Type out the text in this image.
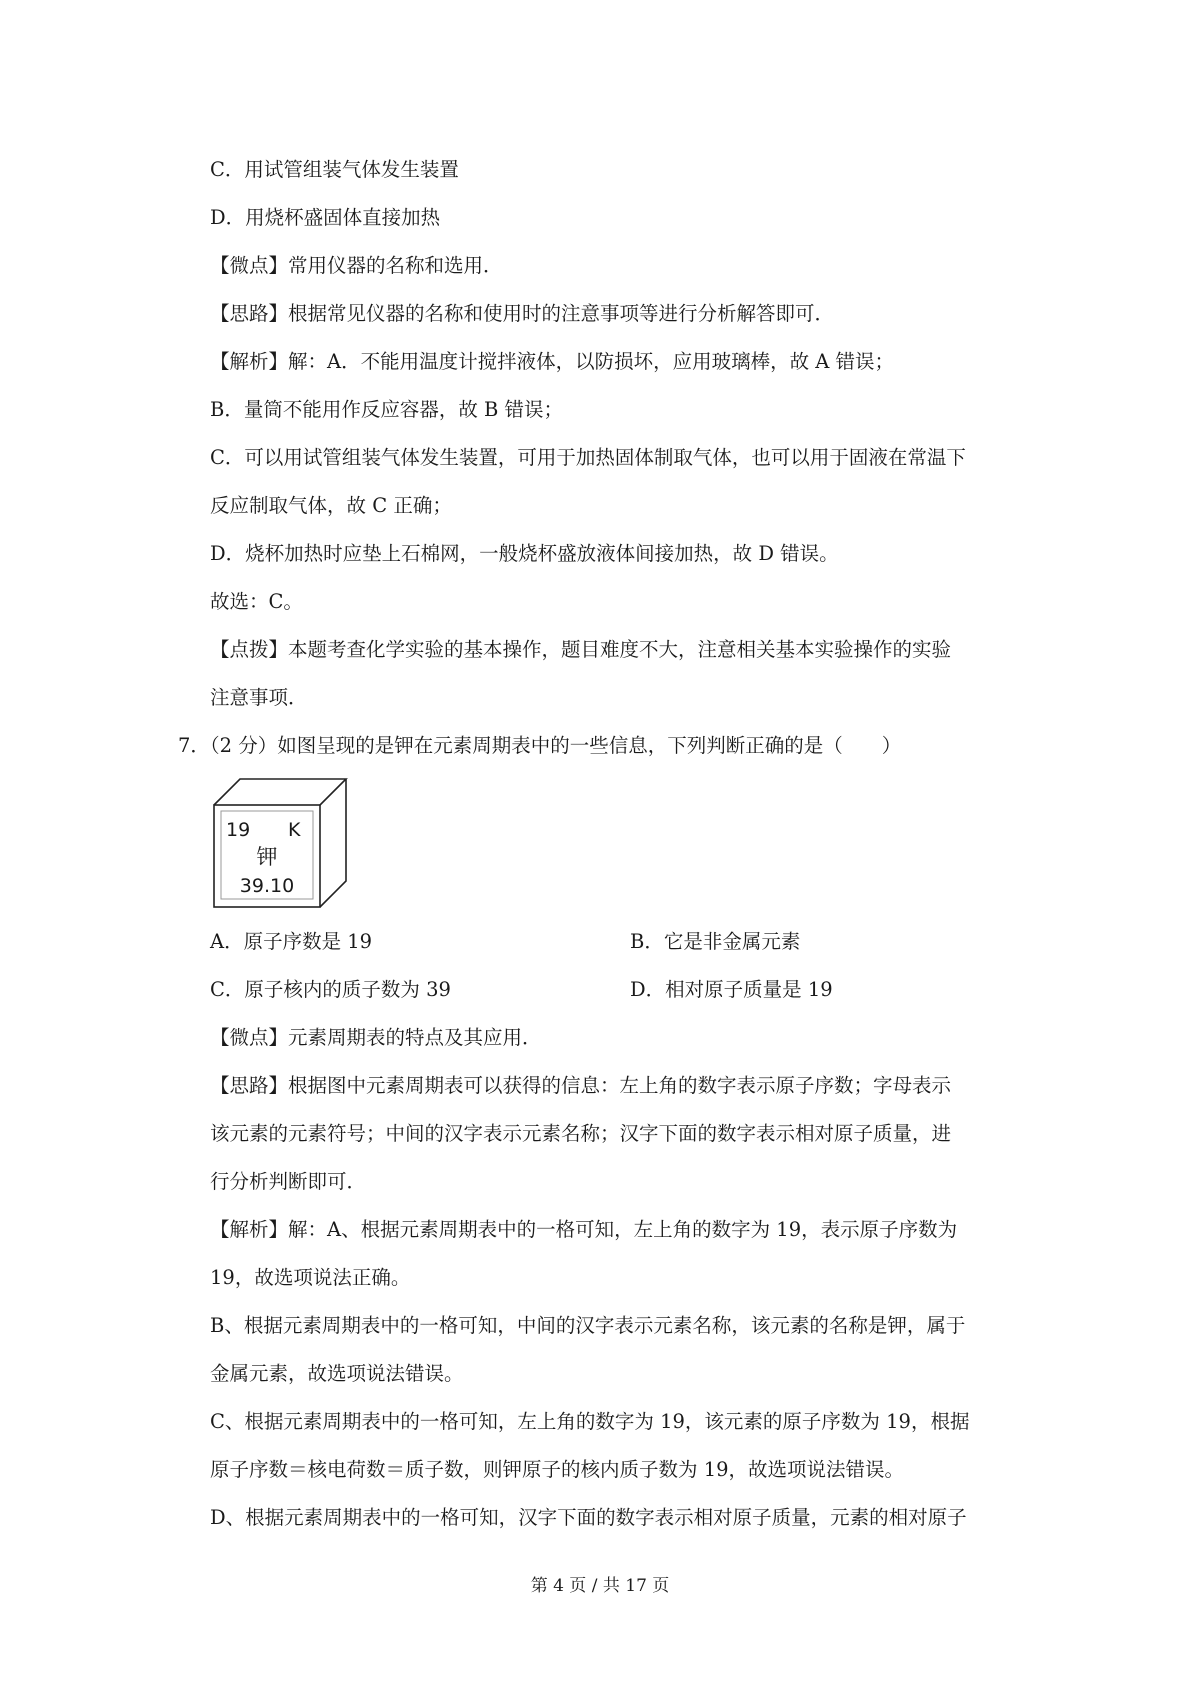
C．用试管组装气体发生装置
D．用烧杯盛固体直接加热
【微点】常用仪器的名称和选用．
【思路】根据常见仪器的名称和使用时的注意事项等进行分析解答即可．
【解析】解：A．不能用温度计搅拌液体，以防损坏，应用玻璃棒，故 A 错误；
B．量筒不能用作反应容器，故 B 错误；
C．可以用试管组装气体发生装置，可用于加热固体制取气体，也可以用于固液在常温下
反应制取气体，故 C 正确；
D．烧杯加热时应垫上石棉网，一般烧杯盛放液体间接加热，故 D 错误。
故选：C。
【点拨】本题考查化学实验的基本操作，题目难度不大，注意相关基本实验操作的实验
注意事项．
7．（2 分）如图呈现的是钾在元素周期表中的一些信息，下列判断正确的是（　　）
19 K
钾
39.10
A．原子序数是 19	B．它是非金属元素
C．原子核内的质子数为 39	D．相对原子质量是 19
【微点】元素周期表的特点及其应用．
【思路】根据图中元素周期表可以获得的信息：左上角的数字表示原子序数；字母表示
该元素的元素符号；中间的汉字表示元素名称；汉字下面的数字表示相对原子质量，进
行分析判断即可．
【解析】解：A、根据元素周期表中的一格可知，左上角的数字为 19，表示原子序数为
19，故选项说法正确。
B、根据元素周期表中的一格可知，中间的汉字表示元素名称，该元素的名称是钾，属于
金属元素，故选项说法错误。
C、根据元素周期表中的一格可知，左上角的数字为 19，该元素的原子序数为 19，根据
原子序数＝核电荷数＝质子数，则钾原子的核内质子数为 19，故选项说法错误。
D、根据元素周期表中的一格可知，汉字下面的数字表示相对原子质量，元素的相对原子
第 4 页 / 共 17 页
